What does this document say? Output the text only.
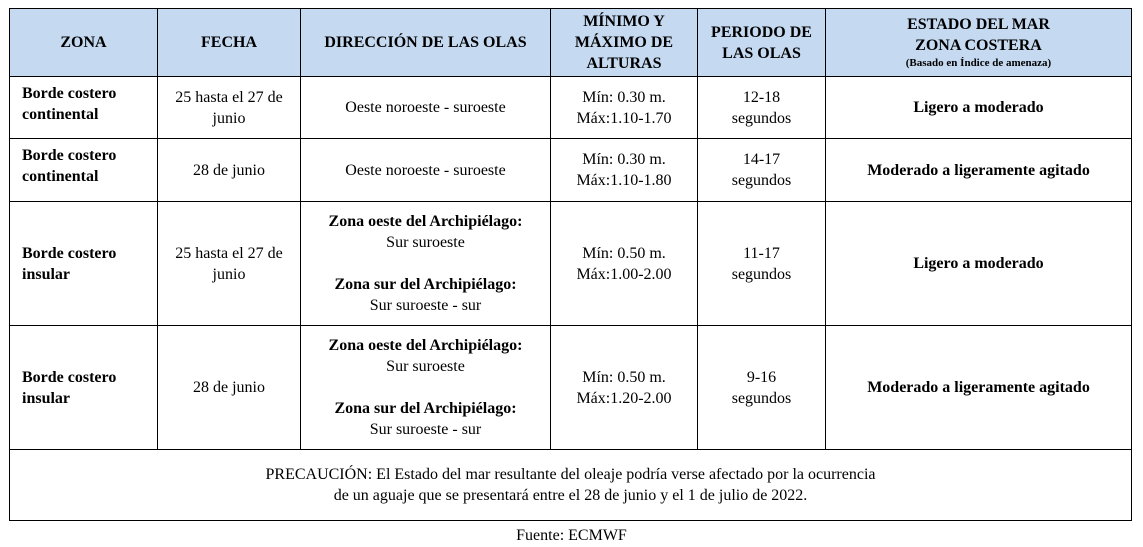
ZONA	FECHA	DIRECCIÓN DE LAS OLAS	MÍNIMO Y
MÁXIMO DE
ALTURAS	PERIODO DE
LAS OLAS	ESTADO DEL MAR
ZONA COSTERA
(Basado en Índice de amenaza)

Borde costero
continental	25 hasta el 27 de
junio	Oeste noroeste - suroeste	Mín: 0.30 m.
Máx:1.10-1.70	12-18
segundos	Ligero a moderado

Borde costero
continental	28 de junio	Oeste noroeste - suroeste	Mín: 0.30 m.
Máx:1.10-1.80	14-17
segundos	Moderado a ligeramente agitado

Borde costero
insular	25 hasta el 27 de
junio	Zona oeste del Archipiélago:
Sur suroeste
Zona sur del Archipiélago:
Sur suroeste - sur	Mín: 0.50 m.
Máx:1.00-2.00	11-17
segundos	Ligero a moderado

Borde costero
insular	28 de junio	Zona oeste del Archipiélago:
Sur suroeste
Zona sur del Archipiélago:
Sur suroeste - sur	Mín: 0.50 m.
Máx:1.20-2.00	9-16
segundos	Moderado a ligeramente agitado

PRECAUCIÓN: El Estado del mar resultante del oleaje podría verse afectado por la ocurrencia
de un aguaje que se presentará entre el 28 de junio y el 1 de julio de 2022.					
Fuente: ECMWF
